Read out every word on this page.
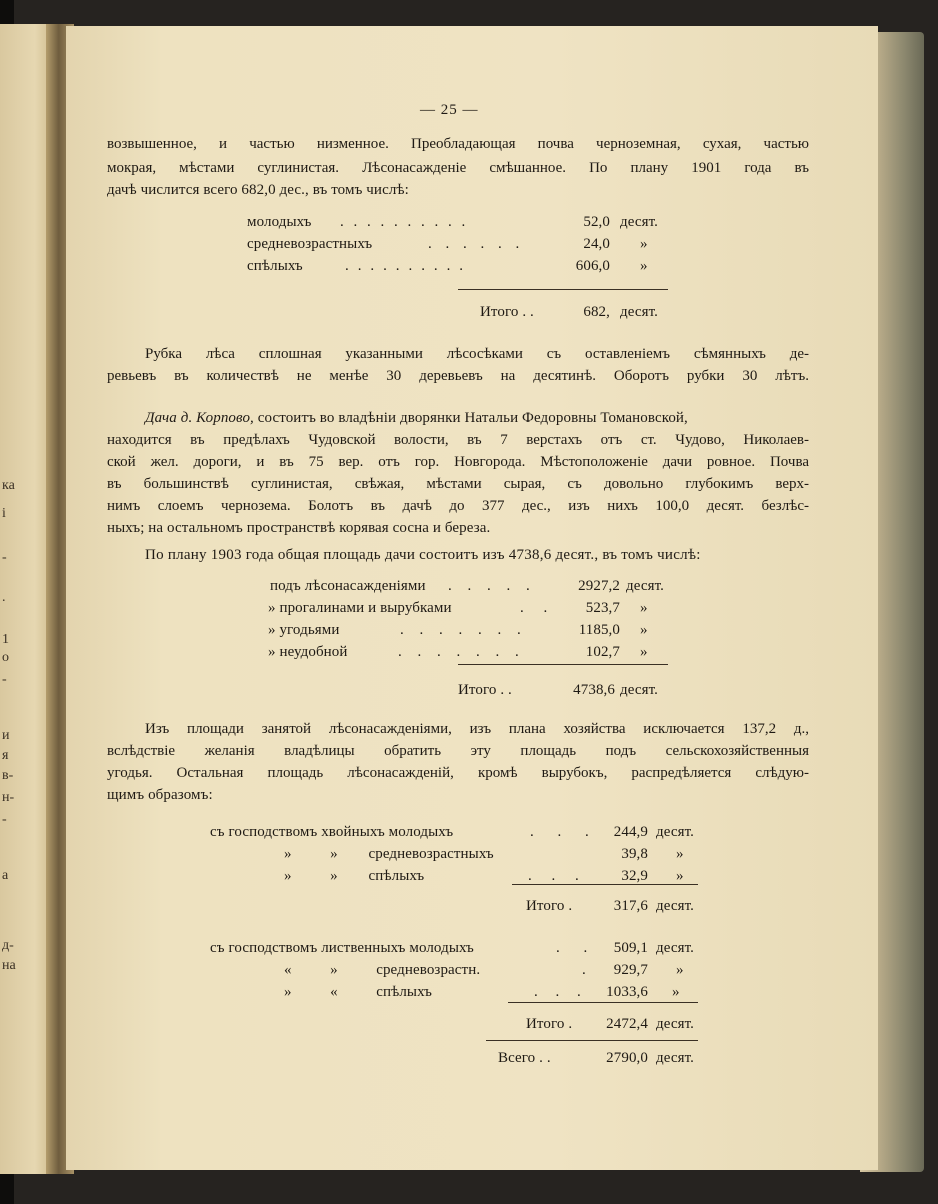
і
-
.
1
о
-
и
я
в-
н-
-
а
д-
на
ка
— 25 —
возвышенное, и частью низменное. Преобладающая почва черноземная, сухая, частью
мокрая, мѣстами суглинистая. Лѣсонасажденіе смѣшанное. По плану 1901 года въ
дачѣ числится всего 682,0 дес., въ томъ числѣ:
молодыхъ . . . . . . . . . .	52,0 десят.
средневозрастныхъ	. . . . . .	24,0 »
спѣлыхъ	. . . . . . . . . .	606,0 »
Итого . .	682, десят.
Рубка лѣса сплошная указанными лѣсосѣками съ оставленіемъ сѣмянныхъ де-
ревьевъ въ количествѣ не менѣе 30 деревьевъ на десятинѣ. Оборотъ рубки 30 лѣтъ.
Дача д. Корпово, состоитъ во владѣніи дворянки Натальи Федоровны Томановской,
находится въ предѣлахъ Чудовской волости, въ 7 верстахъ отъ ст. Чудово, Николаев-
ской жел. дороги, и въ 75 вер. отъ гор. Новгорода. Мѣстоположеніе дачи ровное. Почва
въ большинствѣ суглинистая, свѣжая, мѣстами сырая, съ довольно глубокимъ верх-
нимъ слоемъ чернозема. Болотъ въ дачѣ до 377 дес., изъ нихъ 100,0 десят. безлѣс-
ныхъ; на остальномъ пространствѣ корявая сосна и береза.
По плану 1903 года общая площадь дачи состоитъ изъ 4738,6 десят., въ томъ числѣ:
подъ лѣсонасажденіями . . . . .	2927,2 десят.
» прогалинами и вырубками	. .	523,7 »
» угодьями	. . . . . . .	1185,0 »
» неудобной	. . . . . . .	102,7 »
Итого . .	4738,6 десят.
Изъ площади занятой лѣсонасажденіями, изъ плана хозяйства исключается 137,2 д.,
вслѣдствіе желанія владѣлицы обратить эту площадь подъ сельскохозяйственныя
угодья. Остальная площадь лѣсонасажденій, кромѣ вырубокъ, распредѣляется слѣдую-
щимъ образомъ:
съ господствомъ хвойныхъ молодыхъ	. . .	244,9 десят.
»          »        средневозрастныхъ	39,8 »
»          »        спѣлыхъ	. . .	32,9 »
Итого .	317,6 десят.
съ господствомъ лиственныхъ молодыхъ	. .	509,1 десят.
«          »          средневозрастн.	.	929,7 »
»          «          спѣлыхъ	. . .	1033,6 »
Итого .	2472,4 десят.
Всего . .	2790,0 десят.
